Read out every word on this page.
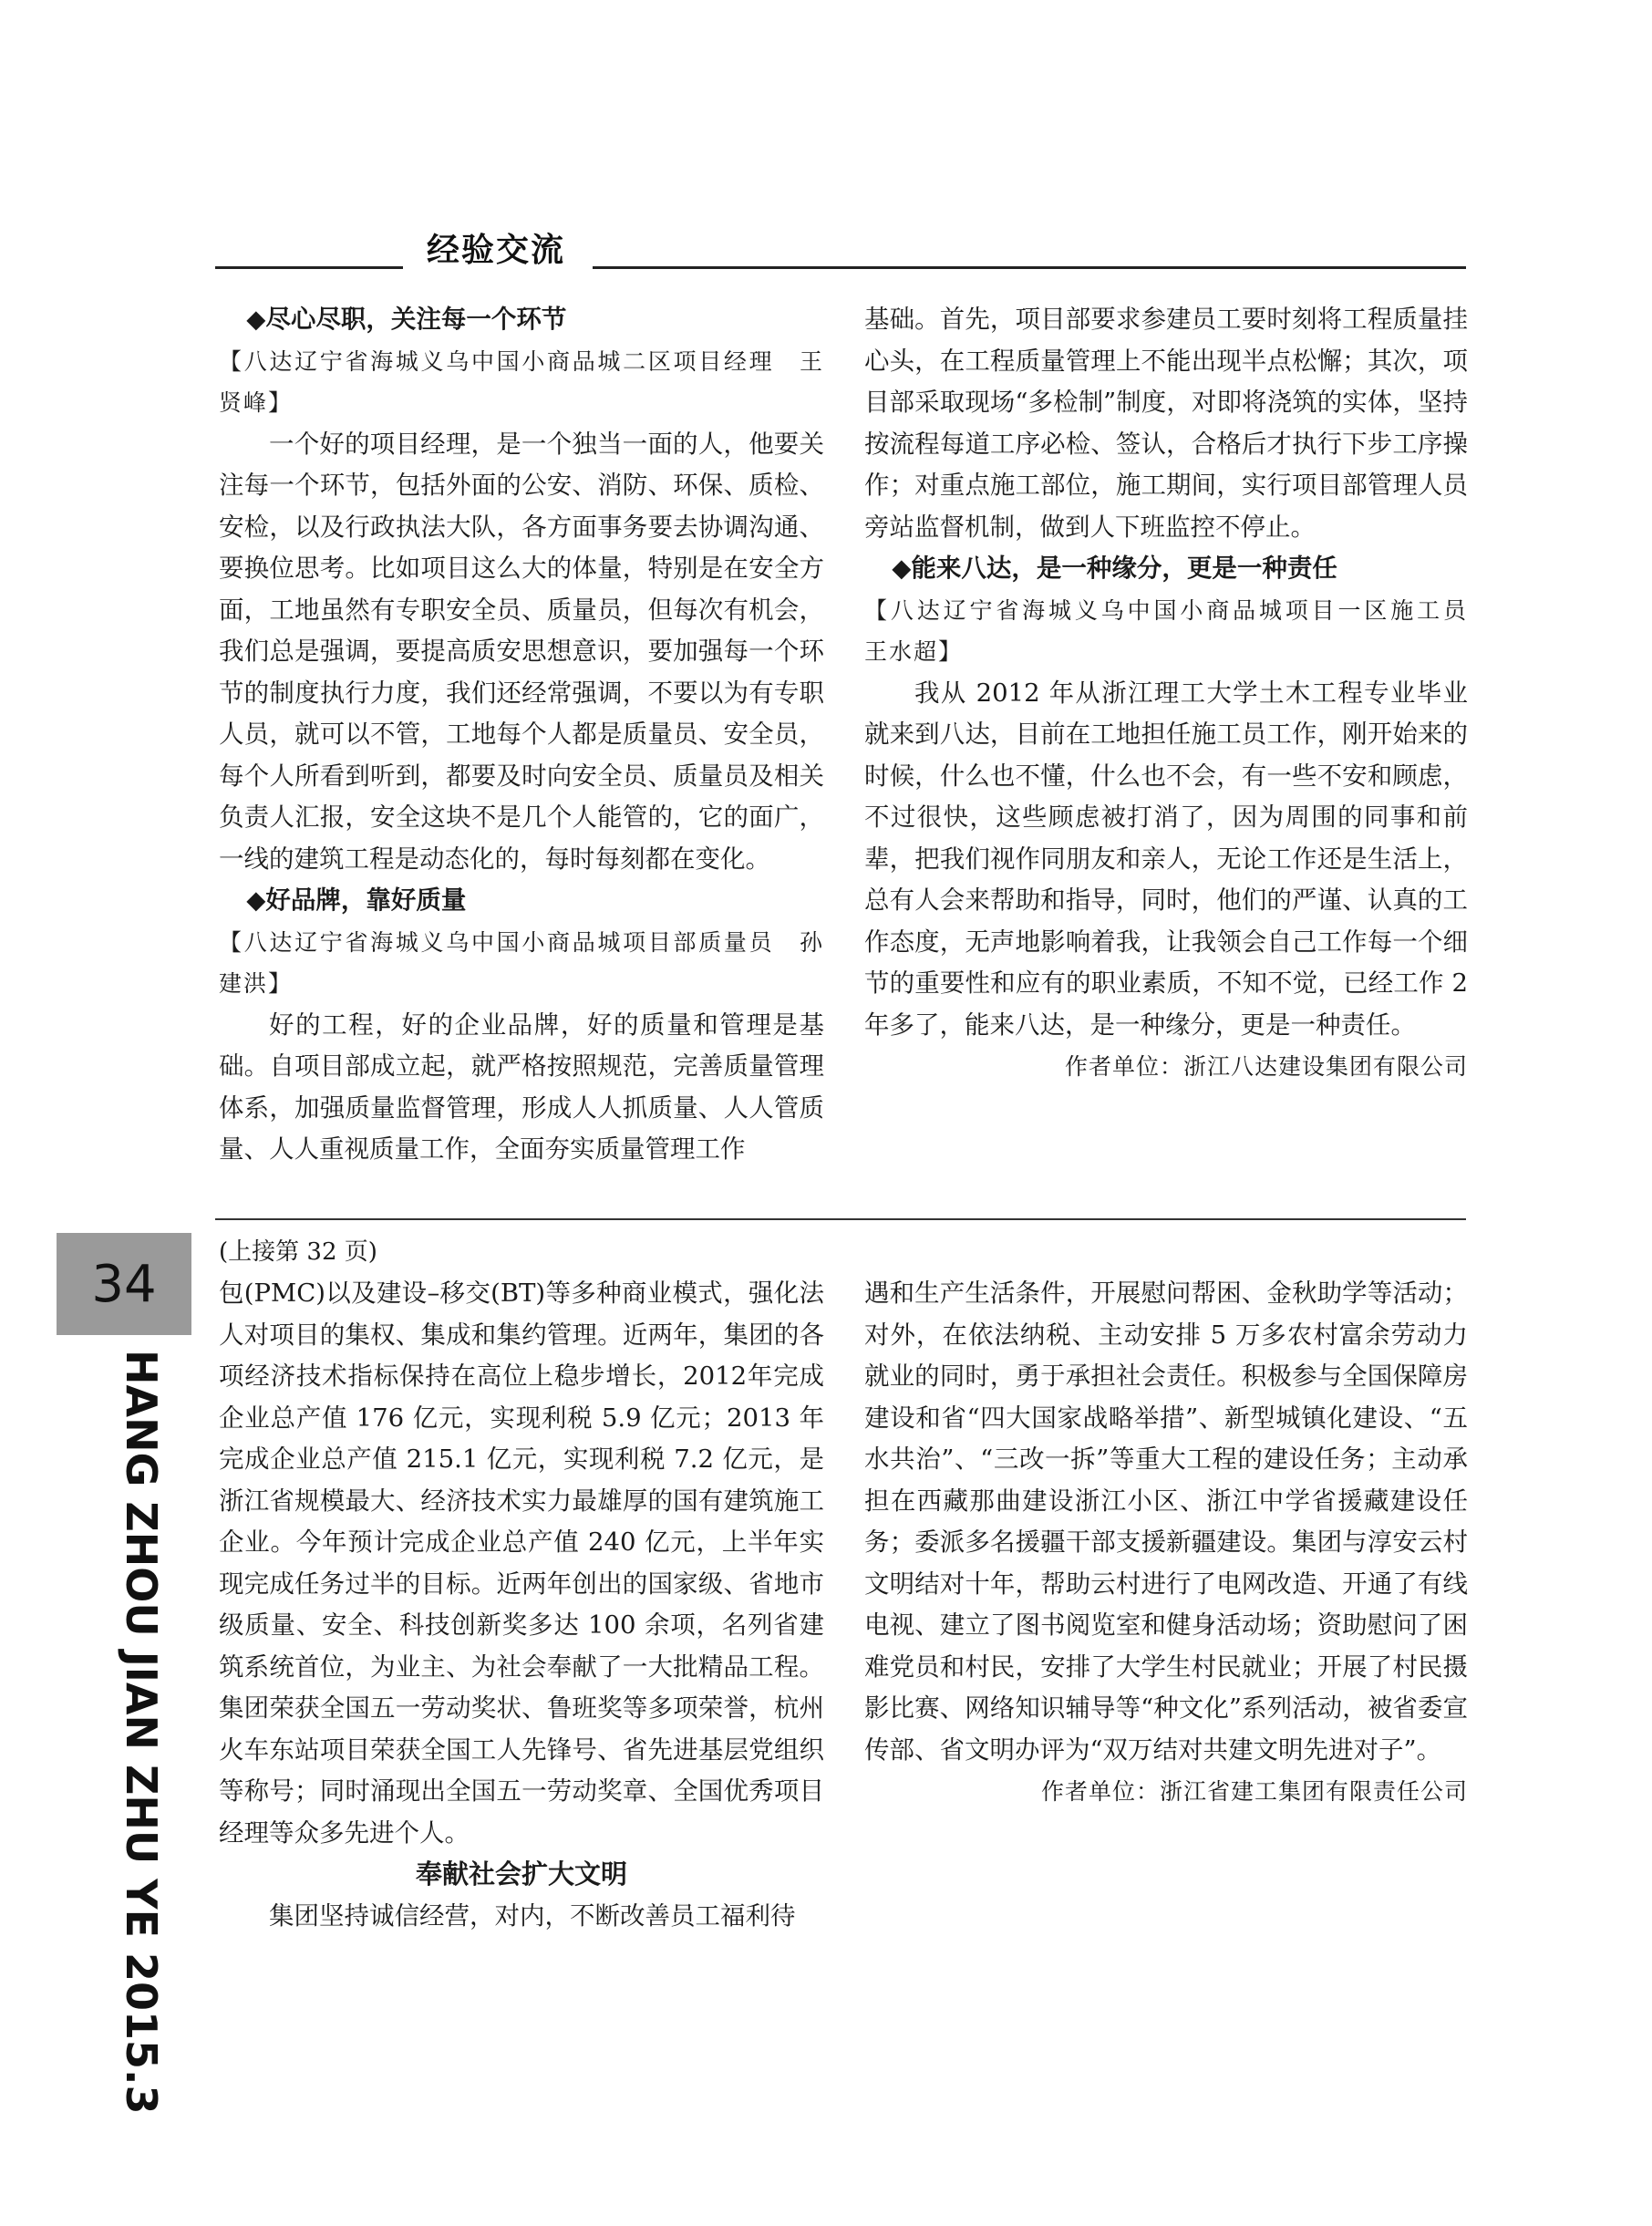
经验交流
◆尽心尽职，关注每一个环节

【八达辽宁省海城义乌中国小商品城二区项目经理　王贤峰】

一个好的项目经理，是一个独当一面的人，他要关注每一个环节，包括外面的公安、消防、环保、质检、安检，以及行政执法大队，各方面事务要去协调沟通、要换位思考。比如项目这么大的体量，特别是在安全方面，工地虽然有专职安全员、质量员，但每次有机会，我们总是强调，要提高质安思想意识，要加强每一个环节的制度执行力度，我们还经常强调，不要以为有专职人员，就可以不管，工地每个人都是质量员、安全员，每个人所看到听到，都要及时向安全员、质量员及相关负责人汇报，安全这块不是几个人能管的，它的面广，一线的建筑工程是动态化的，每时每刻都在变化。

◆好品牌，靠好质量

【八达辽宁省海城义乌中国小商品城项目部质量员　孙建洪】

好的工程，好的企业品牌，好的质量和管理是基础。自项目部成立起，就严格按照规范，完善质量管理体系，加强质量监督管理，形成人人抓质量、人人管质量、人人重视质量工作，全面夯实质量管理工作

基础。首先，项目部要求参建员工要时刻将工程质量挂心头，在工程质量管理上不能出现半点松懈；其次，项目部采取现场“多检制”制度，对即将浇筑的实体，坚持按流程每道工序必检、签认，合格后才执行下步工序操作；对重点施工部位，施工期间，实行项目部管理人员旁站监督机制，做到人下班监控不停止。

◆能来八达，是一种缘分，更是一种责任

【八达辽宁省海城义乌中国小商品城项目一区施工员　王水超】

我从 2012 年从浙江理工大学土木工程专业毕业就来到八达，目前在工地担任施工员工作，刚开始来的时候，什么也不懂，什么也不会，有一些不安和顾虑，不过很快，这些顾虑被打消了，因为周围的同事和前辈，把我们视作同朋友和亲人，无论工作还是生活上，总有人会来帮助和指导，同时，他们的严谨、认真的工作态度，无声地影响着我，让我领会自己工作每一个细节的重要性和应有的职业素质，不知不觉，已经工作 2 年多了，能来八达，是一种缘分，更是一种责任。

作者单位：浙江八达建设集团有限公司

(上接第 32 页)
34
HANG ZHOU JIAN ZHU YE 2015.3

包(PMC)以及建设–移交(BT)等多种商业模式，强化法人对项目的集权、集成和集约管理。近两年，集团的各项经济技术指标保持在高位上稳步增长，2012年完成企业总产值 176 亿元，实现利税 5.9 亿元；2013 年完成企业总产值 215.1 亿元，实现利税 7.2 亿元，是浙江省规模最大、经济技术实力最雄厚的国有建筑施工企业。今年预计完成企业总产值 240 亿元，上半年实现完成任务过半的目标。近两年创出的国家级、省地市级质量、安全、科技创新奖多达 100 余项，名列省建筑系统首位，为业主、为社会奉献了一大批精品工程。集团荣获全国五一劳动奖状、鲁班奖等多项荣誉，杭州火车东站项目荣获全国工人先锋号、省先进基层党组织等称号；同时涌现出全国五一劳动奖章、全国优秀项目经理等众多先进个人。

奉献社会扩大文明

集团坚持诚信经营，对内，不断改善员工福利待

遇和生产生活条件，开展慰问帮困、金秋助学等活动；对外，在依法纳税、主动安排 5 万多农村富余劳动力就业的同时，勇于承担社会责任。积极参与全国保障房建设和省“四大国家战略举措”、新型城镇化建设、“五水共治”、“三改一拆”等重大工程的建设任务；主动承担在西藏那曲建设浙江小区、浙江中学省援藏建设任务；委派多名援疆干部支援新疆建设。集团与淳安云村文明结对十年，帮助云村进行了电网改造、开通了有线电视、建立了图书阅览室和健身活动场；资助慰问了困难党员和村民，安排了大学生村民就业；开展了村民摄影比赛、网络知识辅导等“种文化”系列活动，被省委宣传部、省文明办评为“双万结对共建文明先进对子”。

作者单位：浙江省建工集团有限责任公司
